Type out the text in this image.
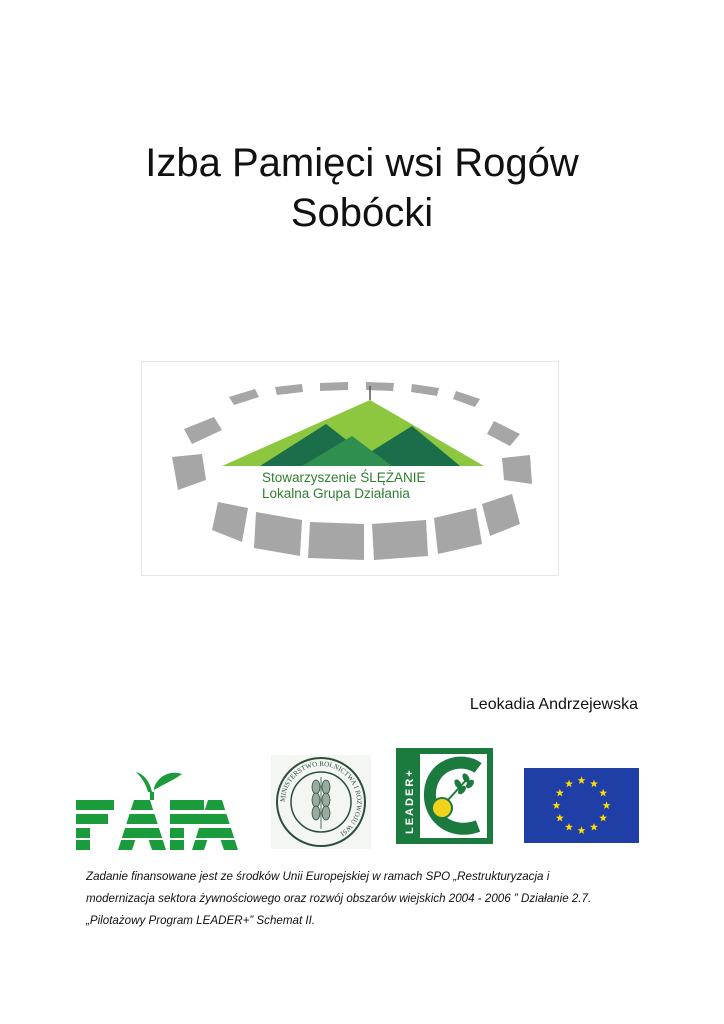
Izba Pamięci wsi Rogów
Sobócki
Stowarzyszenie ŚLĘŻANIE
Lokalna Grupa Działania
Leokadia Andrzejewska
MINISTERSTWO ROLNICTWA I ROZWOJU WSI	LEADER+
Zadanie finansowane jest ze środków Unii Europejskiej w ramach SPO „Restrukturyzacja i
modernizacja sektora żywnościowego oraz rozwój obszarów wiejskich 2004 - 2006 ” Działanie 2.7.
„Pilotażowy Program LEADER+” Schemat II.
